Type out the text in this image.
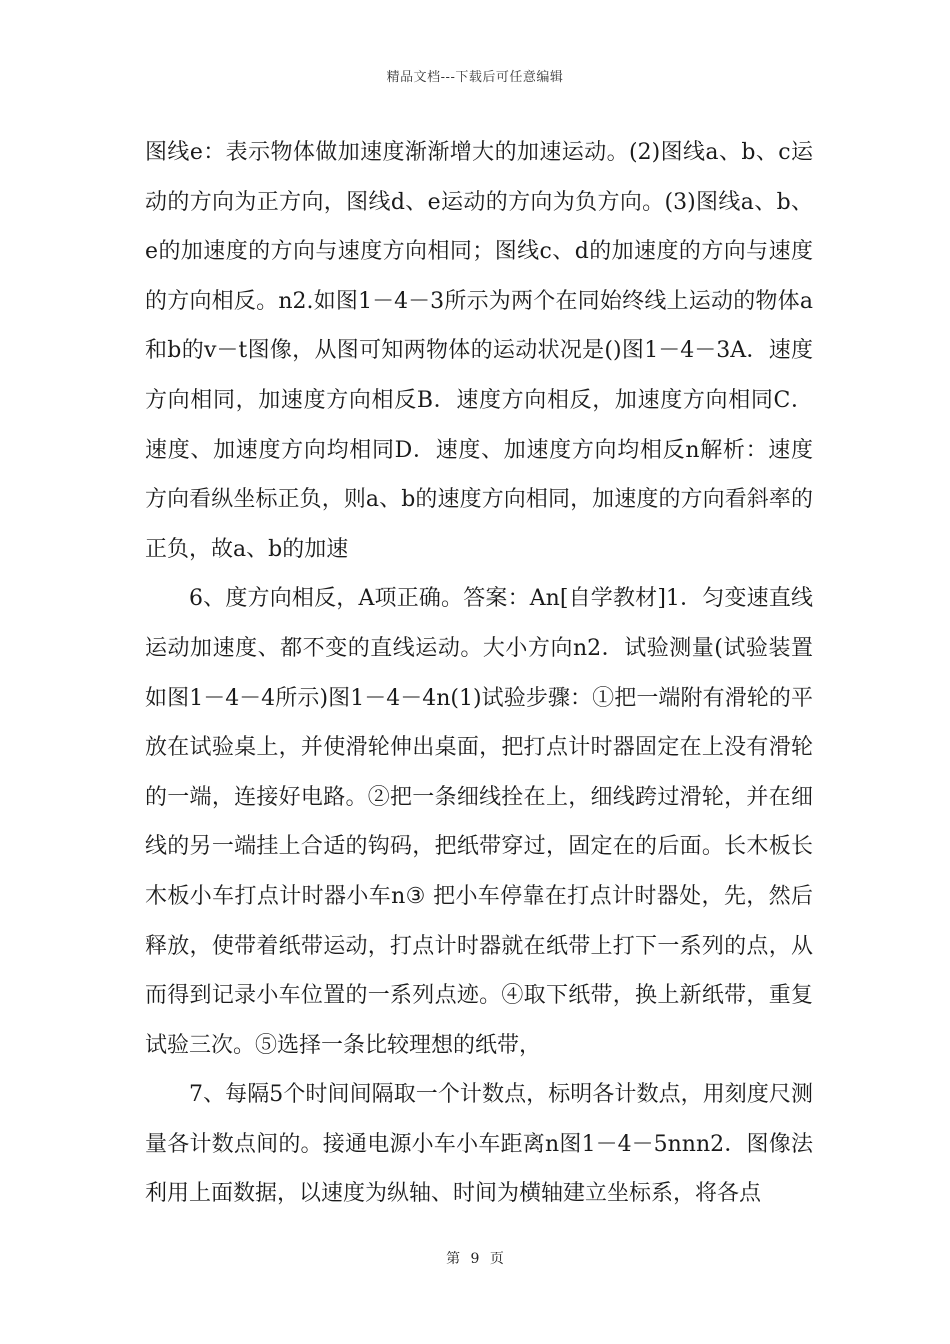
精品文档---下载后可任意编辑

图线e：表示物体做加速度渐渐增大的加速运动。(2)图线a、b、c运动的方向为正方向，图线d、e运动的方向为负方向。(3)图线a、b、e的加速度的方向与速度方向相同；图线c、d的加速度的方向与速度的方向相反。n2.如图1－4－3所示为两个在同始终线上运动的物体a和b的v－t图像，从图可知两物体的运动状况是()图1－4－3A．速度方向相同，加速度方向相反B．速度方向相反，加速度方向相同C．速度、加速度方向均相同D．速度、加速度方向均相反n解析：速度方向看纵坐标正负，则a、b的速度方向相同，加速度的方向看斜率的正负，故a、b的加速

6、度方向相反，A项正确。答案：An[自学教材]1．匀变速直线运动加速度、都不变的直线运动。大小方向n2．试验测量(试验装置如图1－4－4所示)图1－4－4n(1)试验步骤：①把一端附有滑轮的平放在试验桌上，并使滑轮伸出桌面，把打点计时器固定在上没有滑轮的一端，连接好电路。②把一条细线拴在上，细线跨过滑轮，并在细线的另一端挂上合适的钩码，把纸带穿过，固定在的后面。长木板长木板小车打点计时器小车n③ 把小车停靠在打点计时器处，先，然后释放，使带着纸带运动，打点计时器就在纸带上打下一系列的点，从而得到记录小车位置的一系列点迹。④取下纸带，换上新纸带，重复试验三次。⑤选择一条比较理想的纸带，

7、每隔5个时间间隔取一个计数点，标明各计数点，用刻度尺测量各计数点间的。接通电源小车小车距离n图1－4－5nnn2．图像法利用上面数据，以速度为纵轴、时间为横轴建立坐标系，将各点

第 9 页
